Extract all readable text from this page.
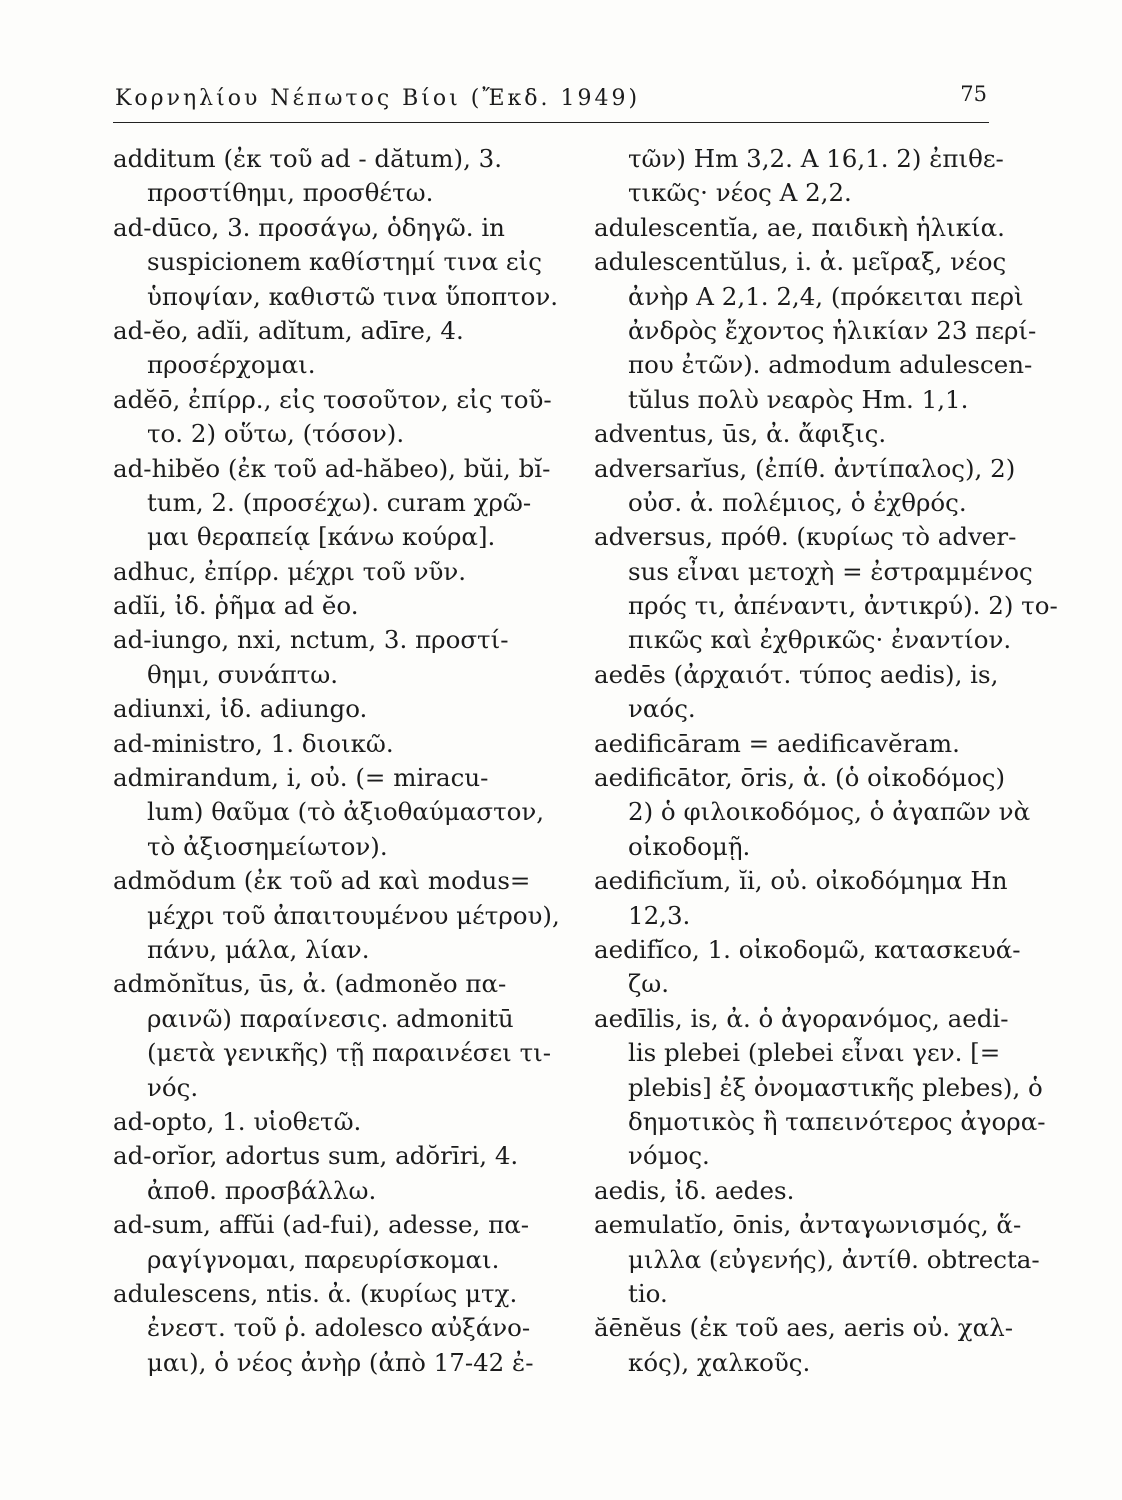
Κορνηλίου Νέπωτος Βίοι (Ἔκδ. 1949)	75
additum (ἐκ τοῦ ad - dătum), 3.
προστίθημι, προσθέτω.
ad-dūco, 3. προσάγω, ὁδηγῶ. in
suspicionem καθίστημί τινα εἰς
ὑποψίαν, καθιστῶ τινα ὕποπτον.
ad-ĕo, adĭi, adĭtum, adīre, 4.
προσέρχομαι.
adĕō, ἐπίρρ., εἰς τοσοῦτον, εἰς τοῦ-
το. 2) οὕτω, (τόσον).
ad-hibĕo (ἐκ τοῦ ad-hăbeo), bŭi, bĭ-
tum, 2. (προσέχω). curam χρῶ-
μαι θεραπείᾳ [κάνω κούρα].
adhuc, ἐπίρρ. μέχρι τοῦ νῦν.
adĭi, ἰδ. ῥῆμα ad ĕo.
ad-iungo, nxi, nctum, 3. προστί-
θημι, συνάπτω.
adiunxi, ἰδ. adiungo.
ad-ministro, 1. διοικῶ.
admirandum, i, οὐ. (= miracu-
lum) θαῦμα (τὸ ἀξιοθαύμαστον,
τὸ ἀξιοσημείωτον).
admŏdum (ἐκ τοῦ ad καὶ modus=
μέχρι τοῦ ἀπαιτουμένου μέτρου),
πάνυ, μάλα, λίαν.
admŏnĭtus, ūs, ἀ. (admonĕo πα-
ραινῶ) παραίνεσις. admonitū
(μετὰ γενικῆς) τῇ παραινέσει τι-
νός.
ad-opto, 1. υἱοθετῶ.
ad-orĭor, adortus sum, adŏrīri, 4.
ἀποθ. προσβάλλω.
ad-sum, affŭi (ad-fui), adesse, πα-
ραγίγνομαι, παρευρίσκομαι.
adulescens, ntis. ἀ. (κυρίως μτχ.
ἐνεστ. τοῦ ῥ. adolesco αὐξάνο-
μαι), ὁ νέος ἀνὴρ (ἀπὸ 17-42 ἐ-
τῶν) Hm 3,2. A 16,1. 2) ἐπιθε-
τικῶς· νέος A 2,2.
adulescentĭa, ae, παιδικὴ ἡλικία.
adulescentŭlus, i. ἀ. μεῖραξ, νέος
ἀνὴρ A 2,1. 2,4, (πρόκειται περὶ
ἀνδρὸς ἔχοντος ἡλικίαν 23 περί-
που ἐτῶν). admodum adulescen-
tŭlus πολὺ νεαρὸς Hm. 1,1.
adventus, ūs, ἀ. ἄφιξις.
adversarĭus, (ἐπίθ. ἀντίπαλος), 2)
οὐσ. ἀ. πολέμιος, ὁ ἐχθρός.
adversus, πρόθ. (κυρίως τὸ adver-
sus εἶναι μετοχὴ = ἐστραμμένος
πρός τι, ἀπέναντι, ἀντικρύ). 2) το-
πικῶς καὶ ἐχθρικῶς· ἐναντίον.
aedēs (ἀρχαιότ. τύπος aedis), is,
ναός.
aedificāram = aedificavĕram.
aedificātor, ōris, ἀ. (ὁ οἰκοδόμος)
2) ὁ φιλοικοδόμος, ὁ ἀγαπῶν νὰ
οἰκοδομῇ.
aedificĭum, ĭi, οὐ. οἰκοδόμημα Hn
12,3.
aedifĭco, 1. οἰκοδομῶ, κατασκευά-
ζω.
aedīlis, is, ἀ. ὁ ἀγορανόμος, aedi-
lis plebei (plebei εἶναι γεν. [=
plebis] ἐξ ὀνομαστικῆς plebes), ὁ
δημοτικὸς ἢ ταπεινότερος ἀγορα-
νόμος.
aedis, ἰδ. aedes.
aemulatĭo, ōnis, ἀνταγωνισμός, ἅ-
μιλλα (εὐγενής), ἀντίθ. obtrecta-
tio.
ăēnĕus (ἐκ τοῦ aes, aeris οὐ. χαλ-
κός), χαλκοῦς.
